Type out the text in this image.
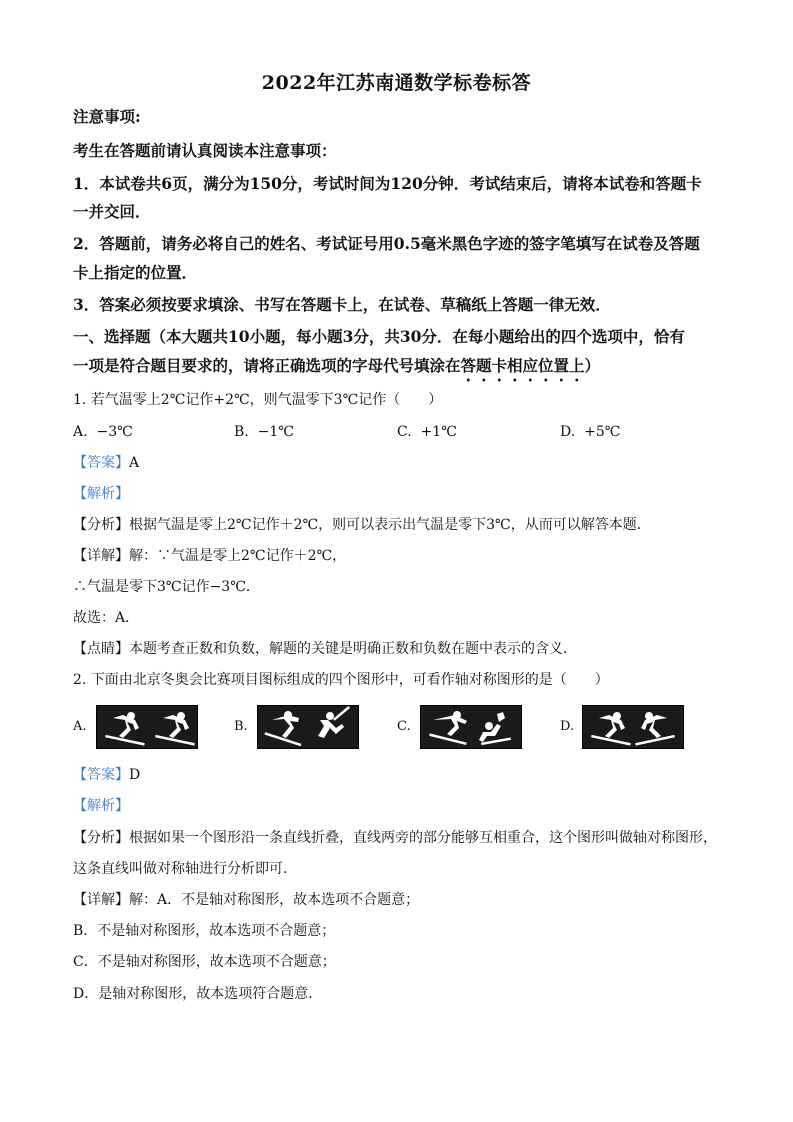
2022年江苏南通数学标卷标答
注意事项:
考生在答题前请认真阅读本注意事项：
1．本试卷共6页，满分为150分，考试时间为120分钟．考试结束后，请将本试卷和答题卡
一并交回．
2．答题前，请务必将自己的姓名、考试证号用0.5毫米黑色字迹的签字笔填写在试卷及答题
卡上指定的位置．
3．答案必须按要求填涂、书写在答题卡上，在试卷、草稿纸上答题一律无效．
一、选择题（本大题共10小题，每小题3分，共30分．在每小题给出的四个选项中，恰有
一项是符合题目要求的，请将正确选项的字母代号填涂在答题卡相应位置上）
1. 若气温零上2℃记作+2℃，则气温零下3℃记作（　　）
A. −3℃	B. −1℃	C. +1℃	D. +5℃
【答案】A
【解析】
【分析】根据气温是零上2℃记作＋2℃，则可以表示出气温是零下3℃，从而可以解答本题．
【详解】解：∵气温是零上2℃记作＋2℃，
∴气温是零下3℃记作−3℃．
故选：A．
【点睛】本题考查正数和负数，解题的关键是明确正数和负数在题中表示的含义．
2. 下面由北京冬奥会比赛项目图标组成的四个图形中，可看作轴对称图形的是（　　）
A.	B.	C.	D.
【答案】D
【解析】
【分析】根据如果一个图形沿一条直线折叠，直线两旁的部分能够互相重合，这个图形叫做轴对称图形，
这条直线叫做对称轴进行分析即可．
【详解】解：A．不是轴对称图形，故本选项不合题意；
B．不是轴对称图形，故本选项不合题意；
C．不是轴对称图形，故本选项不合题意；
D．是轴对称图形，故本选项符合题意．
